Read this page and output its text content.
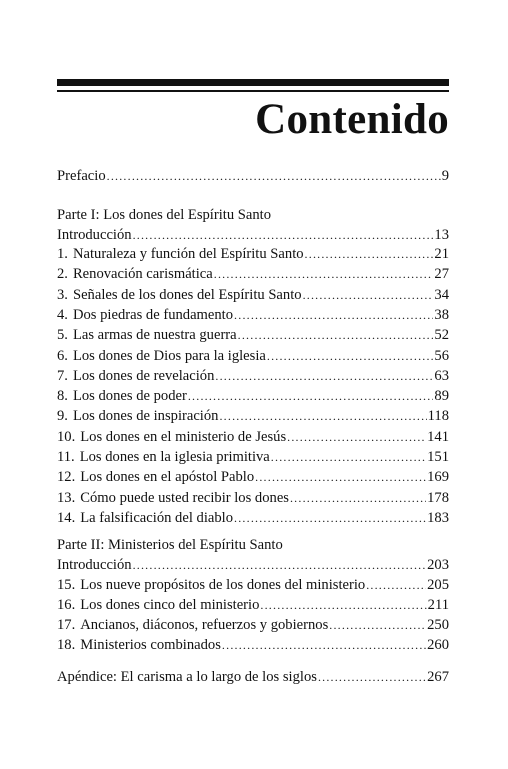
Contenido
Prefacio .....	9
Parte I: Los dones del Espíritu Santo
Introducción .....	13
1. Naturaleza y función del Espíritu Santo .....	21
2. Renovación carismática .....	27
3. Señales de los dones del Espíritu Santo .....	34
4. Dos piedras de fundamento .....	38
5. Las armas de nuestra guerra .....	52
6. Los dones de Dios para la iglesia .....	56
7. Los dones de revelación .....	63
8. Los dones de poder .....	89
9. Los dones de inspiración .....	118
10. Los dones en el ministerio de Jesús .....	141
11. Los dones en la iglesia primitiva .....	151
12. Los dones en el apóstol Pablo .....	169
13. Cómo puede usted recibir los dones .....	178
14. La falsificación del diablo .....	183
Parte II: Ministerios del Espíritu Santo
Introducción .....	203
15. Los nueve propósitos de los dones del ministerio .....	205
16. Los dones cinco del ministerio .....	211
17. Ancianos, diáconos, refuerzos y gobiernos .....	250
18. Ministerios combinados .....	260
Apéndice: El carisma a lo largo de los siglos .....	267
